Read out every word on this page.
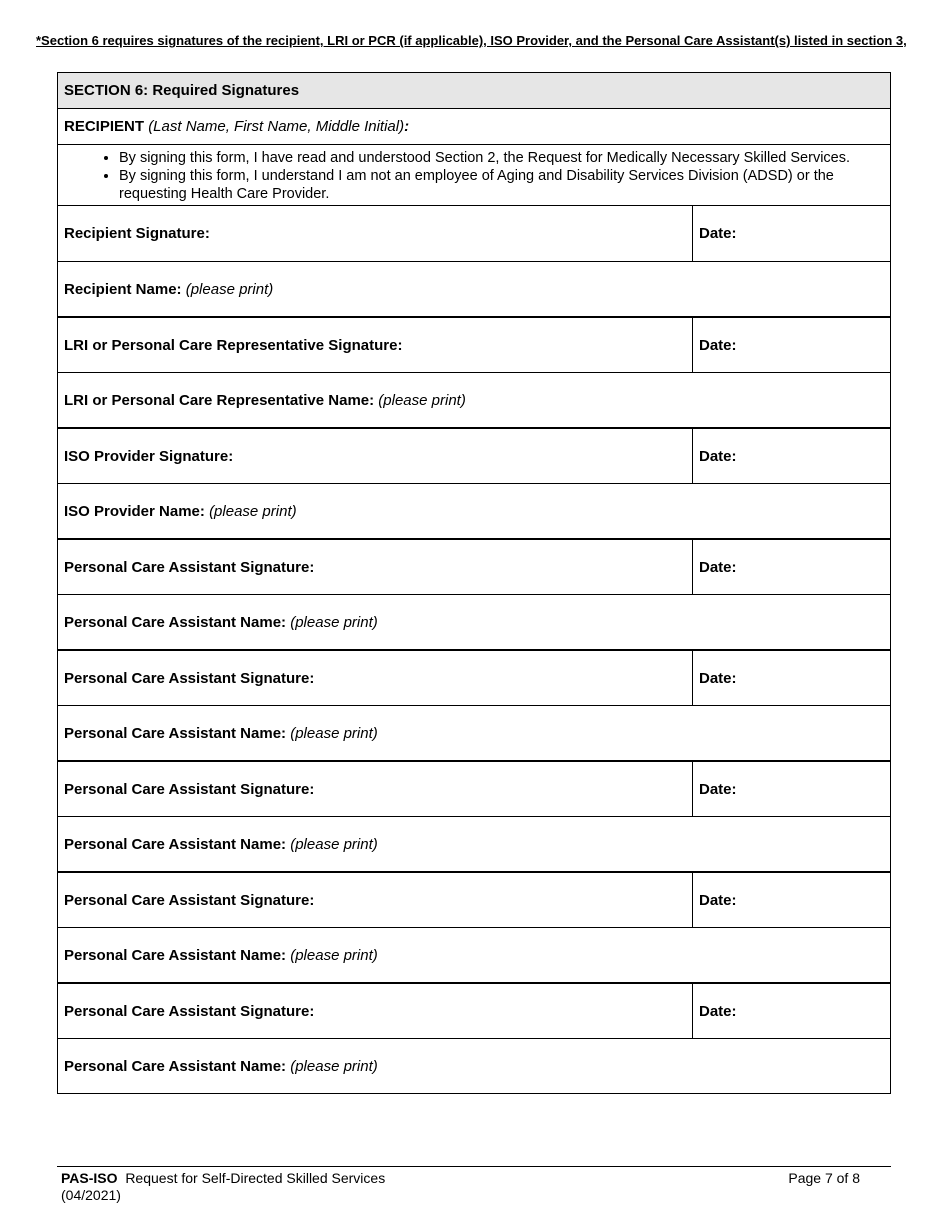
*Section 6 requires signatures of the recipient, LRI or PCR (if applicable), ISO Provider, and the Personal Care Assistant(s) listed in section 3,
SECTION 6: Required Signatures
RECIPIENT
(Last Name, First Name, Middle Initial) :
• By signing this form, I have read and understood Section 2, the Request for Medically Necessary Skilled Services.
• By signing this form, I understand I am not an employee of Aging and Disability Services Division (ADSD) or the requesting Health Care Provider.
Recipient Signature:	Date:
Recipient Name:
(please print)
LRI or Personal Care Representative Signature:	Date:
LRI or Personal Care Representative Name:
(please print)
ISO Provider Signature:	Date:
ISO Provider Name:
(please print)
Personal Care Assistant Signature:	Date:
Personal Care Assistant Name:
(please print)
Personal Care Assistant Signature:	Date:
Personal Care Assistant Name:
(please print)
Personal Care Assistant Signature:	Date:
Personal Care Assistant Name:
(please print)
Personal Care Assistant Signature:	Date:
Personal Care Assistant Name:
(please print)
Personal Care Assistant Signature:	Date:
Personal Care Assistant Name:
(please print)
PAS-ISO Request for Self-Directed Skilled Services
(04/2021)
Page 7 of 8
